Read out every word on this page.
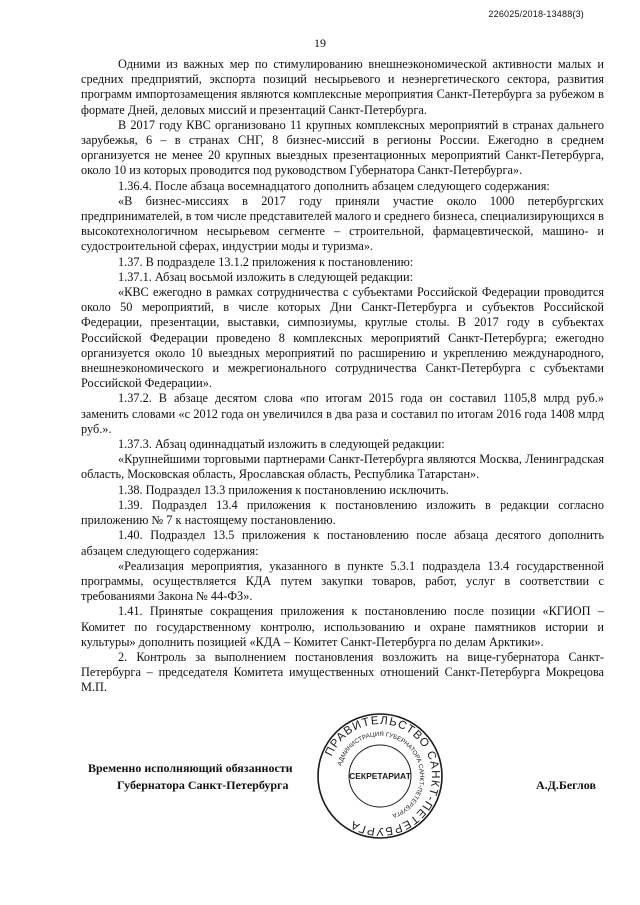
226025/2018-13488(3)
19

Одними из важных мер по стимулированию внешнеэкономической активности малых и средних предприятий, экспорта позиций несырьевого и неэнергетического сектора, развития программ импортозамещения являются комплексные мероприятия Санкт-Петербурга за рубежом в формате Дней, деловых миссий и презентаций Санкт-Петербурга.

В 2017 году КВС организовано 11 крупных комплексных мероприятий в странах дальнего зарубежья, 6 – в странах СНГ, 8 бизнес-миссий в регионы России. Ежегодно в среднем организуется не менее 20 крупных выездных презентационных мероприятий Санкт-Петербурга, около 10 из которых проводится под руководством Губернатора Санкт-Петербурга».

1.36.4. После абзаца восемнадцатого дополнить абзацем следующего содержания:

«В бизнес-миссиях в 2017 году приняли участие около 1000 петербургских предпринимателей, в том числе представителей малого и среднего бизнеса, специализирующихся в высокотехнологичном несырьевом сегменте – строительной, фармацевтической, машино- и судостроительной сферах, индустрии моды и туризма».

1.37. В подразделе 13.1.2 приложения к постановлению:

1.37.1. Абзац восьмой изложить в следующей редакции:

«КВС ежегодно в рамках сотрудничества с субъектами Российской Федерации проводится около 50 мероприятий, в числе которых Дни Санкт-Петербурга и субъектов Российской Федерации, презентации, выставки, симпозиумы, круглые столы. В 2017 году в субъектах Российской Федерации проведено 8 комплексных мероприятий Санкт-Петербурга; ежегодно организуется около 10 выездных мероприятий по расширению и укреплению международного, внешнеэкономического и межрегионального сотрудничества Санкт-Петербурга с субъектами Российской Федерации».

1.37.2. В абзаце десятом слова «по итогам 2015 года он составил 1105,8 млрд руб.» заменить словами «с 2012 года он увеличился в два раза и составил по итогам 2016 года 1408 млрд руб.».

1.37.3. Абзац одиннадцатый изложить в следующей редакции:

«Крупнейшими торговыми партнерами Санкт-Петербурга являются Москва, Ленинградская область, Московская область, Ярославская область, Республика Татарстан».

1.38. Подраздел 13.3 приложения к постановлению исключить.

1.39. Подраздел 13.4 приложения к постановлению изложить в редакции согласно приложению № 7 к настоящему постановлению.

1.40. Подраздел 13.5 приложения к постановлению после абзаца десятого дополнить абзацем следующего содержания:

«Реализация мероприятия, указанного в пункте 5.3.1 подраздела 13.4 государственной программы, осуществляется КДА путем закупки товаров, работ, услуг в соответствии с требованиями Закона № 44-ФЗ».

1.41. Принятые сокращения приложения к постановлению после позиции «КГИОП – Комитет по государственному контролю, использованию и охране памятников истории и культуры» дополнить позицией «КДА – Комитет Санкт-Петербурга по делам Арктики».

2. Контроль за выполнением постановления возложить на вице-губернатора Санкт-Петербурга – председателя Комитета имущественных отношений Санкт-Петербурга Мокрецова М.П.

Временно исполняющий обязанности
Губернатора Санкт-Петербурга	А.Д.Беглов
ПРАВИТЕЛЬСТВО САНКТ-ПЕТЕРБУРГА
АДМИНИСТРАЦИЯ ГУБЕРНАТОРА САНКТ-ПЕТЕРБУРГА
СЕКРЕТАРИАТ
